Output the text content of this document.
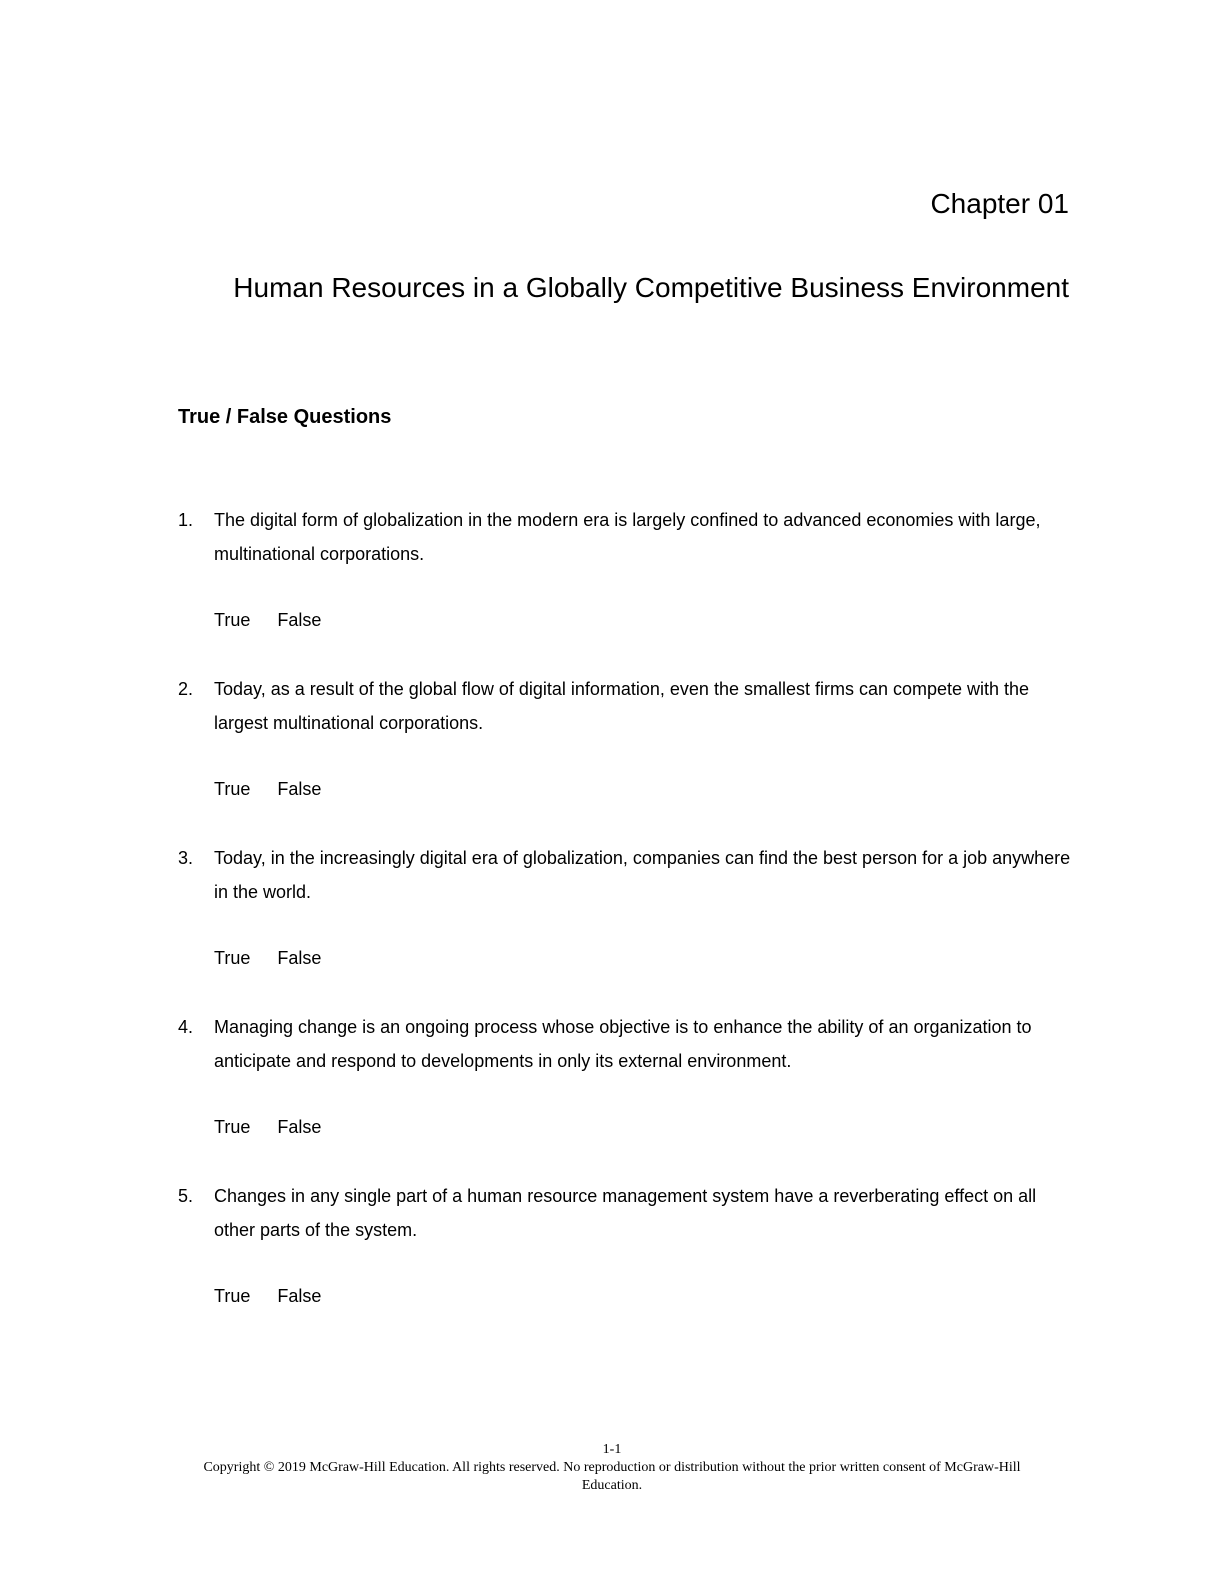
Chapter 01
Human Resources in a Globally Competitive Business Environment
True / False Questions
1. The digital form of globalization in the modern era is largely confined to advanced economies with large, multinational corporations.

True False
2. Today, as a result of the global flow of digital information, even the smallest firms can compete with the largest multinational corporations.

True False
3. Today, in the increasingly digital era of globalization, companies can find the best person for a job anywhere in the world.

True False
4. Managing change is an ongoing process whose objective is to enhance the ability of an organization to anticipate and respond to developments in only its external environment.

True False
5. Changes in any single part of a human resource management system have a reverberating effect on all other parts of the system.

True False
1-1
Copyright © 2019 McGraw-Hill Education. All rights reserved. No reproduction or distribution without the prior written consent of McGraw-Hill Education.
